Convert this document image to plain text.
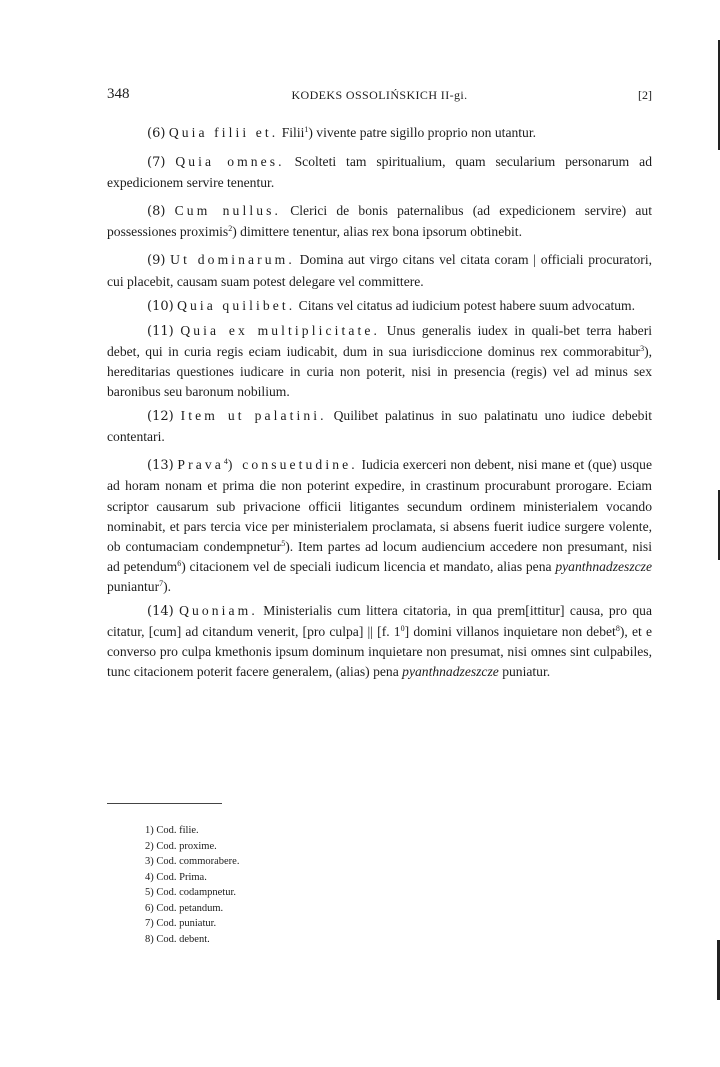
348	KODEKS OSSOLIŃSKICH II-gi.	[2]

(6) Quia filii et. Filii$^1$) vivente patre sigillo proprio non utantur.

(7) Quia omnes. Scolteti tam spiritualium, quam secularium personarum ad expedicionem servire tenentur.

(8) Cum nullus. Clerici de bonis paternalibus (ad expedicionem servire) aut possessiones proximis$^2$) dimittere tenentur, alias rex bona ipsorum obtinebit.

(9) Ut dominarum. Domina aut virgo citans vel citata coram | officiali procuratori, cui placebit, causam suam potest delegare vel committere.

(10) Quia quilibet. Citans vel citatus ad iudicium potest habere suum advocatum.

(11) Quia ex multiplicitate. Unus generalis iudex in quali-bet terra haberi debet, qui in curia regis eciam iudicabit, dum in sua iurisdiccione dominus rex commorabitur$^3$), hereditarias questiones iudicare in curia non poterit, nisi in presencia (regis) vel ad minus sex baronibus seu baronum nobilium.

(12) Item ut palatini. Quilibet palatinus in suo palatinatu uno iudice debebit contentari.

(13) Prava$^4$) consuetudine. Iudicia exerceri non debent, nisi mane et (que) usque ad horam nonam et prima die non poterint expedire, in crastinum procurabunt prorogare. Eciam scriptor causarum sub privacione officii litigantes secundum ordinem ministerialem vocando nominabit, et pars tercia vice per ministerialem proclamata, si absens fuerit iudice surgere volente, ob contumaciam condempnetur$^5$). Item partes ad locum audiencium accedere non presumant, nisi ad petendum$^6$) citacionem vel de speciali iudicum licencia et mandato, alias pena pyanthnadzeszcze puniantur$^7$).

(14) Quoniam. Ministerialis cum littera citatoria, in qua prem[ittitur] causa, pro qua citatur, [cum] ad citandum venerit, [pro culpa] || [f. $1^0$] domini villanos inquietare non debet$^8$), et e converso pro culpa kmethonis ipsum dominum inquietare non presumat, nisi omnes sint culpabiles, tunc citacionem poterit facere generalem, (alias) pena pyanthnadzeszcze puniatur.

1) Cod. filie.
2) Cod. proxime.
3) Cod. commorabere.
4) Cod. Prima.
5) Cod. codampnetur.
6) Cod. petandum.
7) Cod. puniatur.
8) Cod. debent.
